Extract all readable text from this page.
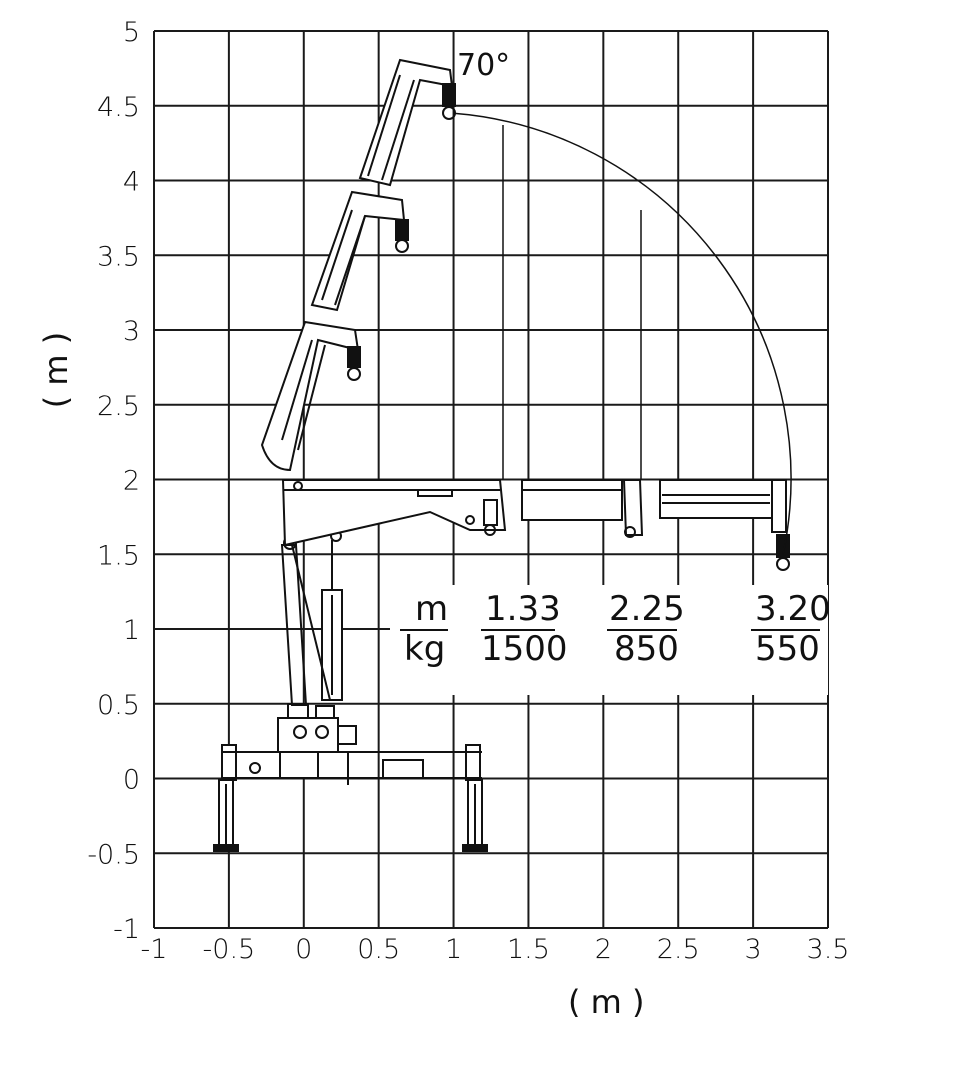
70°
m
kg
1.33
1500
2.25
850
3.20
550
-1 -0.5 0 0.5 1 1.5 2 2.5 3 3.5
-1
-0.5
0
0.5
1
1.5
2
2.5
3
3.5
4
4.5
5
( m )
( m )
